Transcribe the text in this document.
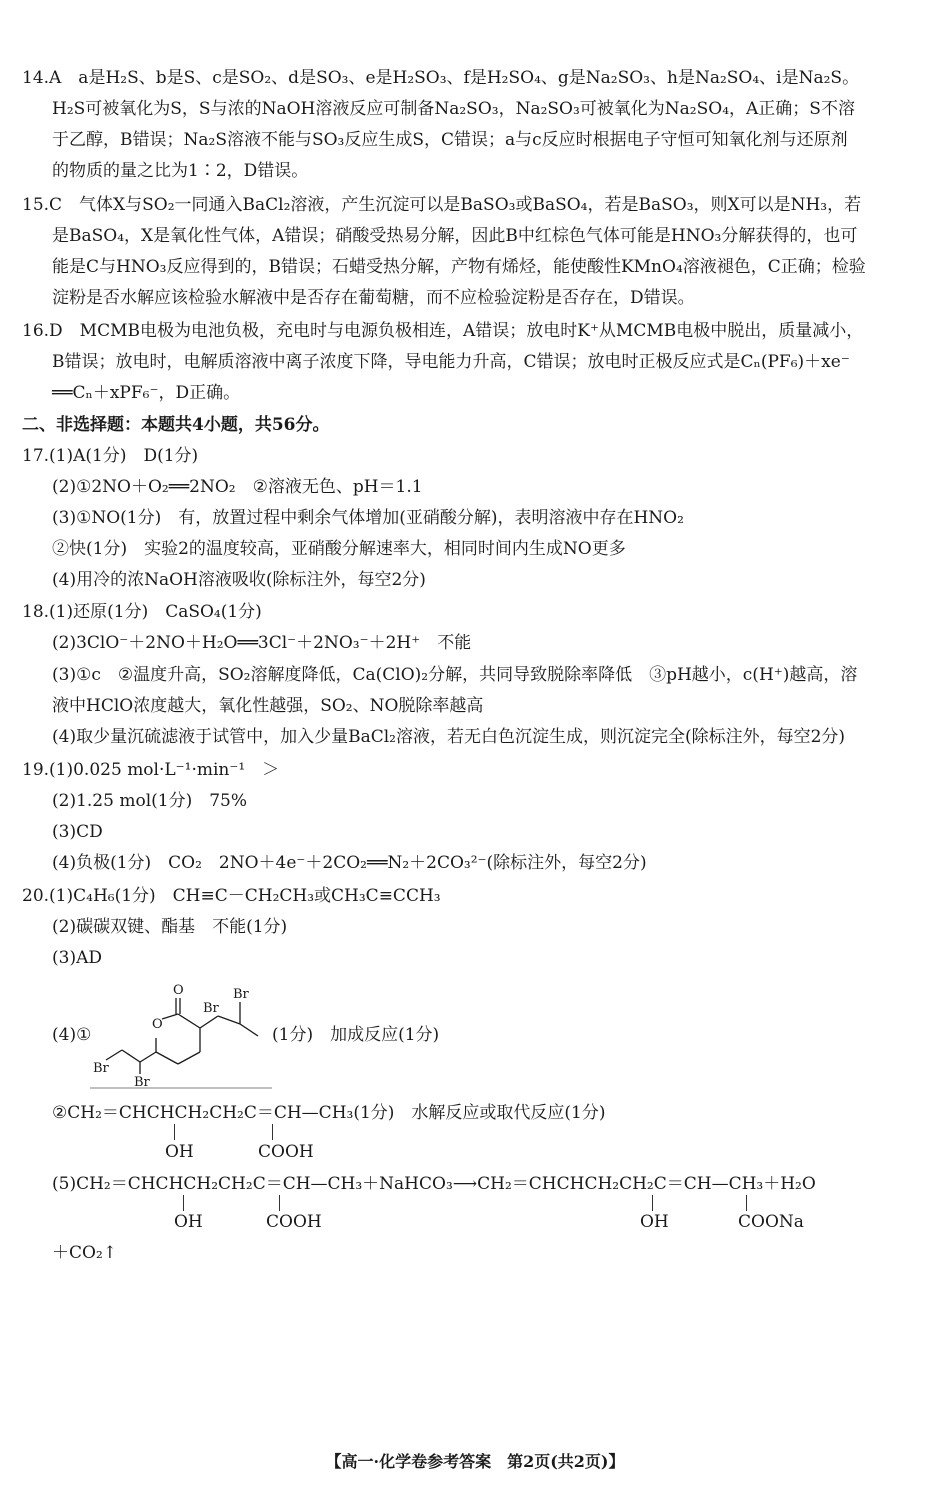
14.A　a是H₂S、b是S、c是SO₂、d是SO₃、e是H₂SO₃、f是H₂SO₄、g是Na₂SO₃、h是Na₂SO₄、i是Na₂S。
H₂S可被氧化为S，S与浓的NaOH溶液反应可制备Na₂SO₃，Na₂SO₃可被氧化为Na₂SO₄，A正确；S不溶
于乙醇，B错误；Na₂S溶液不能与SO₃反应生成S，C错误；a与c反应时根据电子守恒可知氧化剂与还原剂
的物质的量之比为1∶2，D错误。
15.C　气体X与SO₂一同通入BaCl₂溶液，产生沉淀可以是BaSO₃或BaSO₄，若是BaSO₃，则X可以是NH₃，若
是BaSO₄，X是氧化性气体，A错误；硝酸受热易分解，因此B中红棕色气体可能是HNO₃分解获得的，也可
能是C与HNO₃反应得到的，B错误；石蜡受热分解，产物有烯烃，能使酸性KMnO₄溶液褪色，C正确；检验
淀粉是否水解应该检验水解液中是否存在葡萄糖，而不应检验淀粉是否存在，D错误。
16.D　MCMB电极为电池负极，充电时与电源负极相连，A错误；放电时K⁺从MCMB电极中脱出，质量减小，
B错误；放电时，电解质溶液中离子浓度下降，导电能力升高，C错误；放电时正极反应式是Cₙ(PF₆)＋xe⁻
══Cₙ＋xPF₆⁻，D正确。
二、非选择题：本题共4小题，共56分。
17.(1)A(1分)　D(1分)
(2)①2NO＋O₂══2NO₂　②溶液无色、pH＝1.1
(3)①NO(1分)　有，放置过程中剩余气体增加(亚硝酸分解)，表明溶液中存在HNO₂
②快(1分)　实验2的温度较高，亚硝酸分解速率大，相同时间内生成NO更多
(4)用冷的浓NaOH溶液吸收(除标注外，每空2分)
18.(1)还原(1分)　CaSO₄(1分)
(2)3ClO⁻＋2NO＋H₂O══3Cl⁻＋2NO₃⁻＋2H⁺　不能
(3)①c　②温度升高，SO₂溶解度降低，Ca(ClO)₂分解，共同导致脱除率降低　③pH越小，c(H⁺)越高，溶
液中HClO浓度越大，氧化性越强，SO₂、NO脱除率越高
(4)取少量沉硫滤液于试管中，加入少量BaCl₂溶液，若无白色沉淀生成，则沉淀完全(除标注外，每空2分)
19.(1)0.025 mol·L⁻¹·min⁻¹　＞
(2)1.25 mol(1分)　75%
(3)CD
(4)负极(1分)　CO₂　2NO＋4e⁻＋2CO₂══N₂＋2CO₃²⁻(除标注外，每空2分)
20.(1)C₄H₆(1分)　CH≡C－CH₂CH₃或CH₃C≡CCH₃
(2)碳碳双键、酯基　不能(1分)
(3)AD
(4)①
O
O
Br
Br
Br
Br
(1分)　加成反应(1分)
②CH₂＝CHCHCH₂CH₂C＝CH—CH₃(1分)　水解反应或取代反应(1分)
OH	COOH
(5)CH₂＝CHCHCH₂CH₂C＝CH—CH₃＋NaHCO₃⟶CH₂＝CHCHCH₂CH₂C＝CH—CH₃＋H₂O
OH	COOH	OH	COONa
＋CO₂↑
【高一·化学卷参考答案　第2页(共2页)】
